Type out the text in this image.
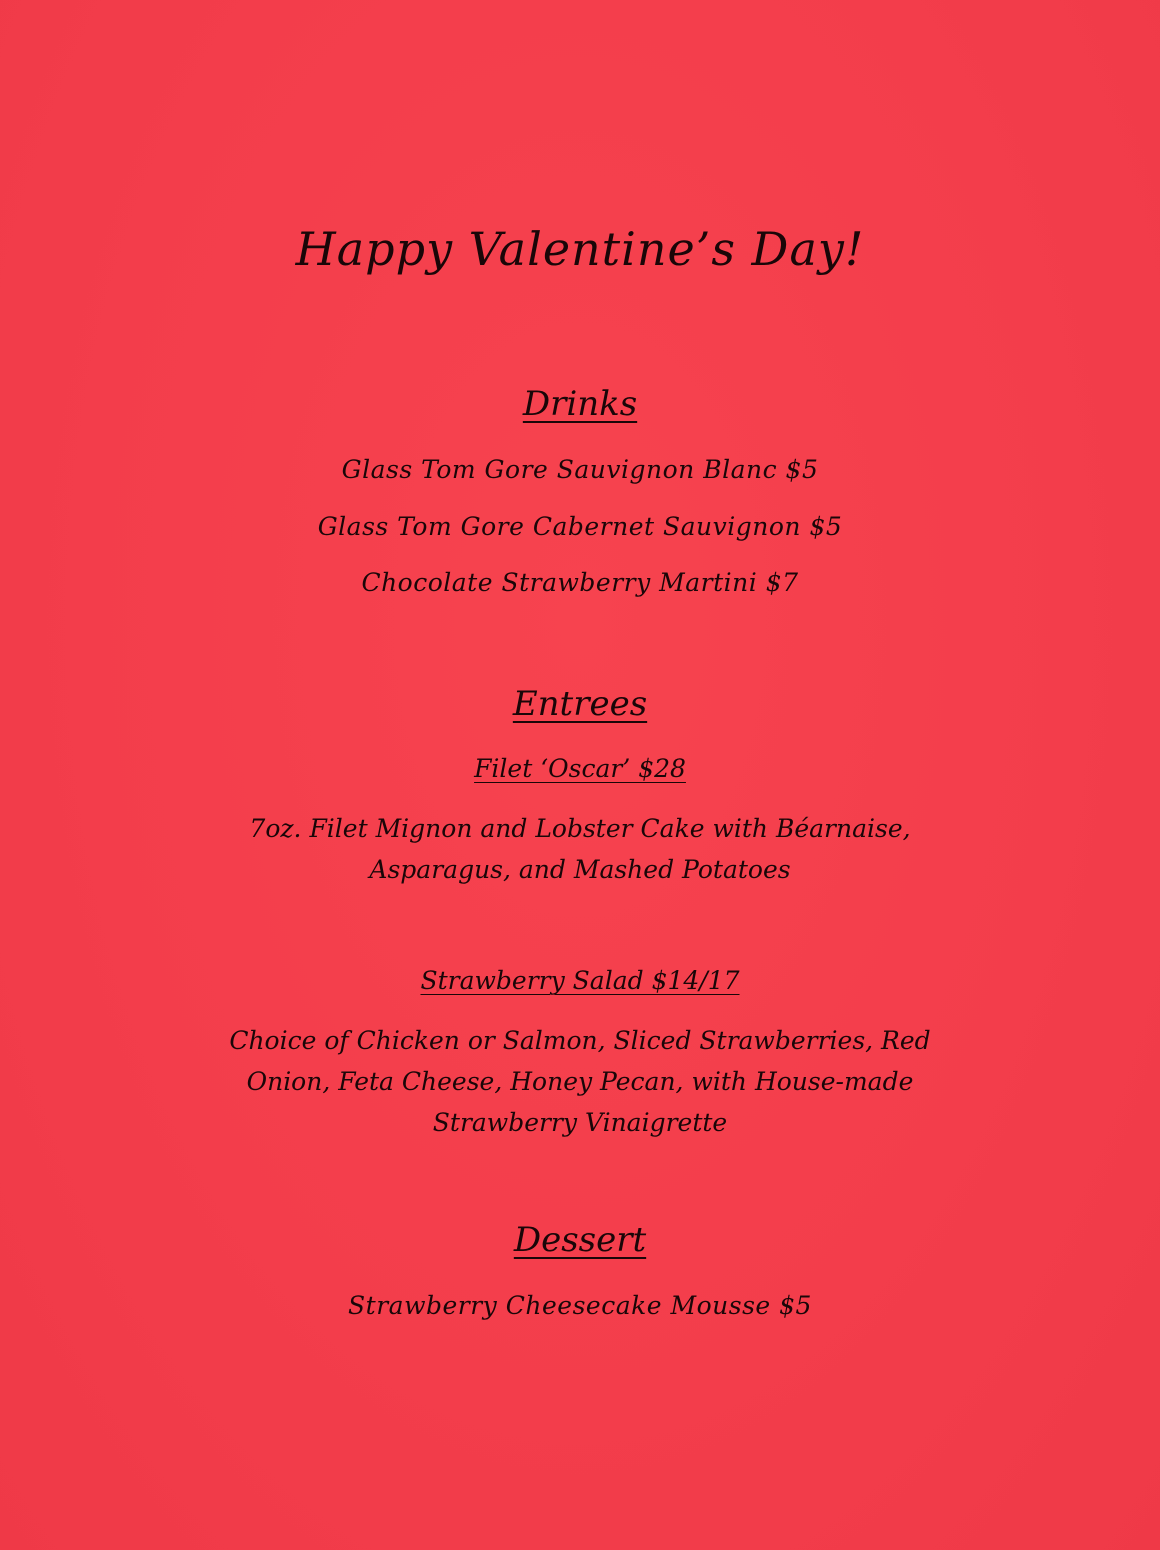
Happy Valentine’s Day!
Drinks
Glass Tom Gore Sauvignon Blanc $5
Glass Tom Gore Cabernet Sauvignon $5
Chocolate Strawberry Martini $7
Entrees
Filet ‘Oscar’ $28
7oz. Filet Mignon and Lobster Cake with Béarnaise,
Asparagus, and Mashed Potatoes
Strawberry Salad $14/17
Choice of Chicken or Salmon, Sliced Strawberries, Red
Onion, Feta Cheese, Honey Pecan, with House-made
Strawberry Vinaigrette
Dessert
Strawberry Cheesecake Mousse $5
